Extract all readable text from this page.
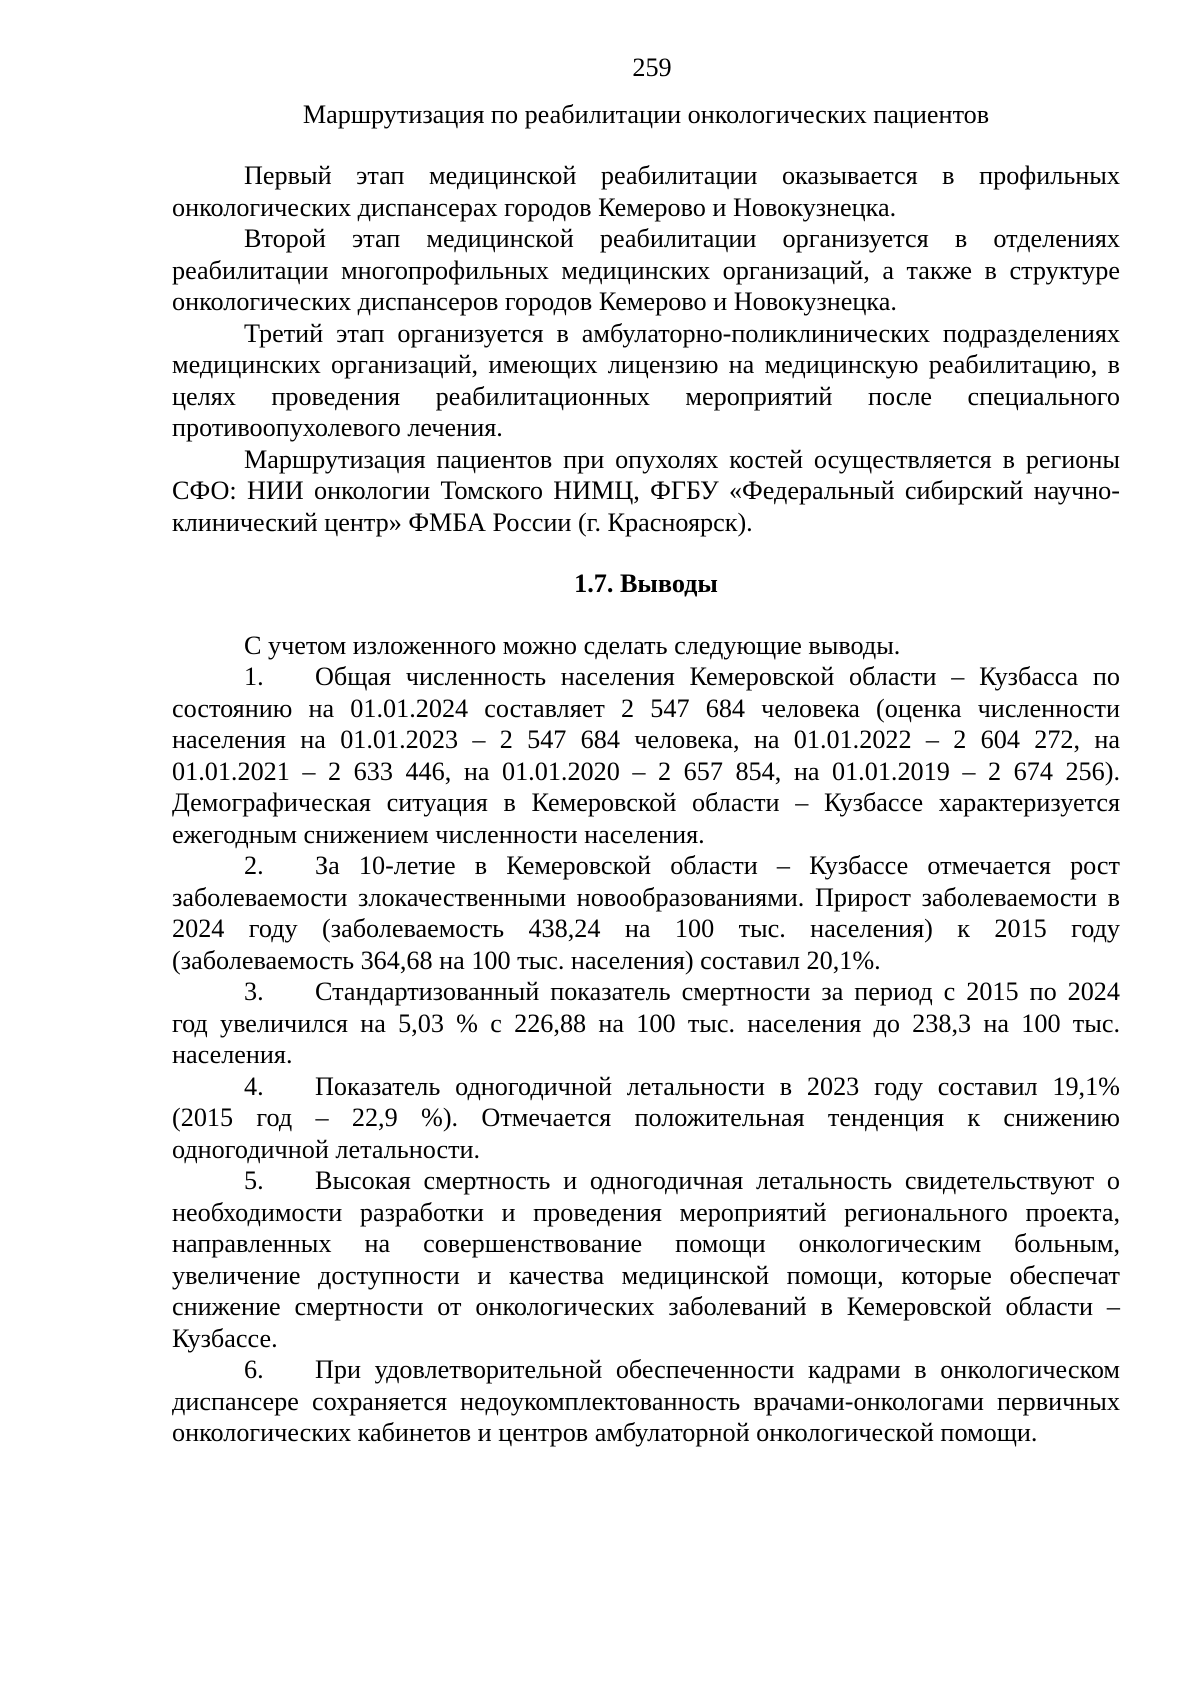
259
Маршрутизация по реабилитации онкологических пациентов

Первый этап медицинской реабилитации оказывается в профильных онкологических диспансерах городов Кемерово и Новокузнецка.

Второй этап медицинской реабилитации организуется в отделениях реабилитации многопрофильных медицинских организаций, а также в структуре онкологических диспансеров городов Кемерово и Новокузнецка.

Третий этап организуется в амбулаторно-поликлинических подразделениях медицинских организаций, имеющих лицензию на медицинскую реабилитацию, в целях проведения реабилитационных мероприятий после специального противоопухолевого лечения.

Маршрутизация пациентов при опухолях костей осуществляется в регионы СФО: НИИ онкологии Томского НИМЦ, ФГБУ «Федеральный сибирский научно-клинический центр» ФМБА России (г. Красноярск).

1.7. Выводы

С учетом изложенного можно сделать следующие выводы.

1. Общая численность населения Кемеровской области – Кузбасса по состоянию на 01.01.2024 составляет 2 547 684 человека (оценка численности населения на 01.01.2023 – 2 547 684 человека, на 01.01.2022 – 2 604 272, на 01.01.2021 – 2 633 446, на 01.01.2020 – 2 657 854, на 01.01.2019 – 2 674 256). Демографическая ситуация в Кемеровской области – Кузбассе характеризуется ежегодным снижением численности населения.
2. За 10-летие в Кемеровской области – Кузбассе отмечается рост заболеваемости злокачественными новообразованиями. Прирост заболеваемости в 2024 году (заболеваемость 438,24 на 100 тыс. населения) к 2015 году (заболеваемость 364,68 на 100 тыс. населения) составил 20,1%.
3. Стандартизованный показатель смертности за период с 2015 по 2024 год увеличился на 5,03 % с 226,88 на 100 тыс. населения до 238,3 на 100 тыс. населения.
4. Показатель одногодичной летальности в 2023 году составил 19,1% (2015 год – 22,9 %). Отмечается положительная тенденция к снижению одногодичной летальности.
5. Высокая смертность и одногодичная летальность свидетельствуют о необходимости разработки и проведения мероприятий регионального проекта, направленных на совершенствование помощи онкологическим больным, увеличение доступности и качества медицинской помощи, которые обеспечат снижение смертности от онкологических заболеваний в Кемеровской области – Кузбассе.
6. При удовлетворительной обеспеченности кадрами в онкологическом диспансере сохраняется недоукомплектованность врачами-онкологами первичных онкологических кабинетов и центров амбулаторной онкологической помощи.
